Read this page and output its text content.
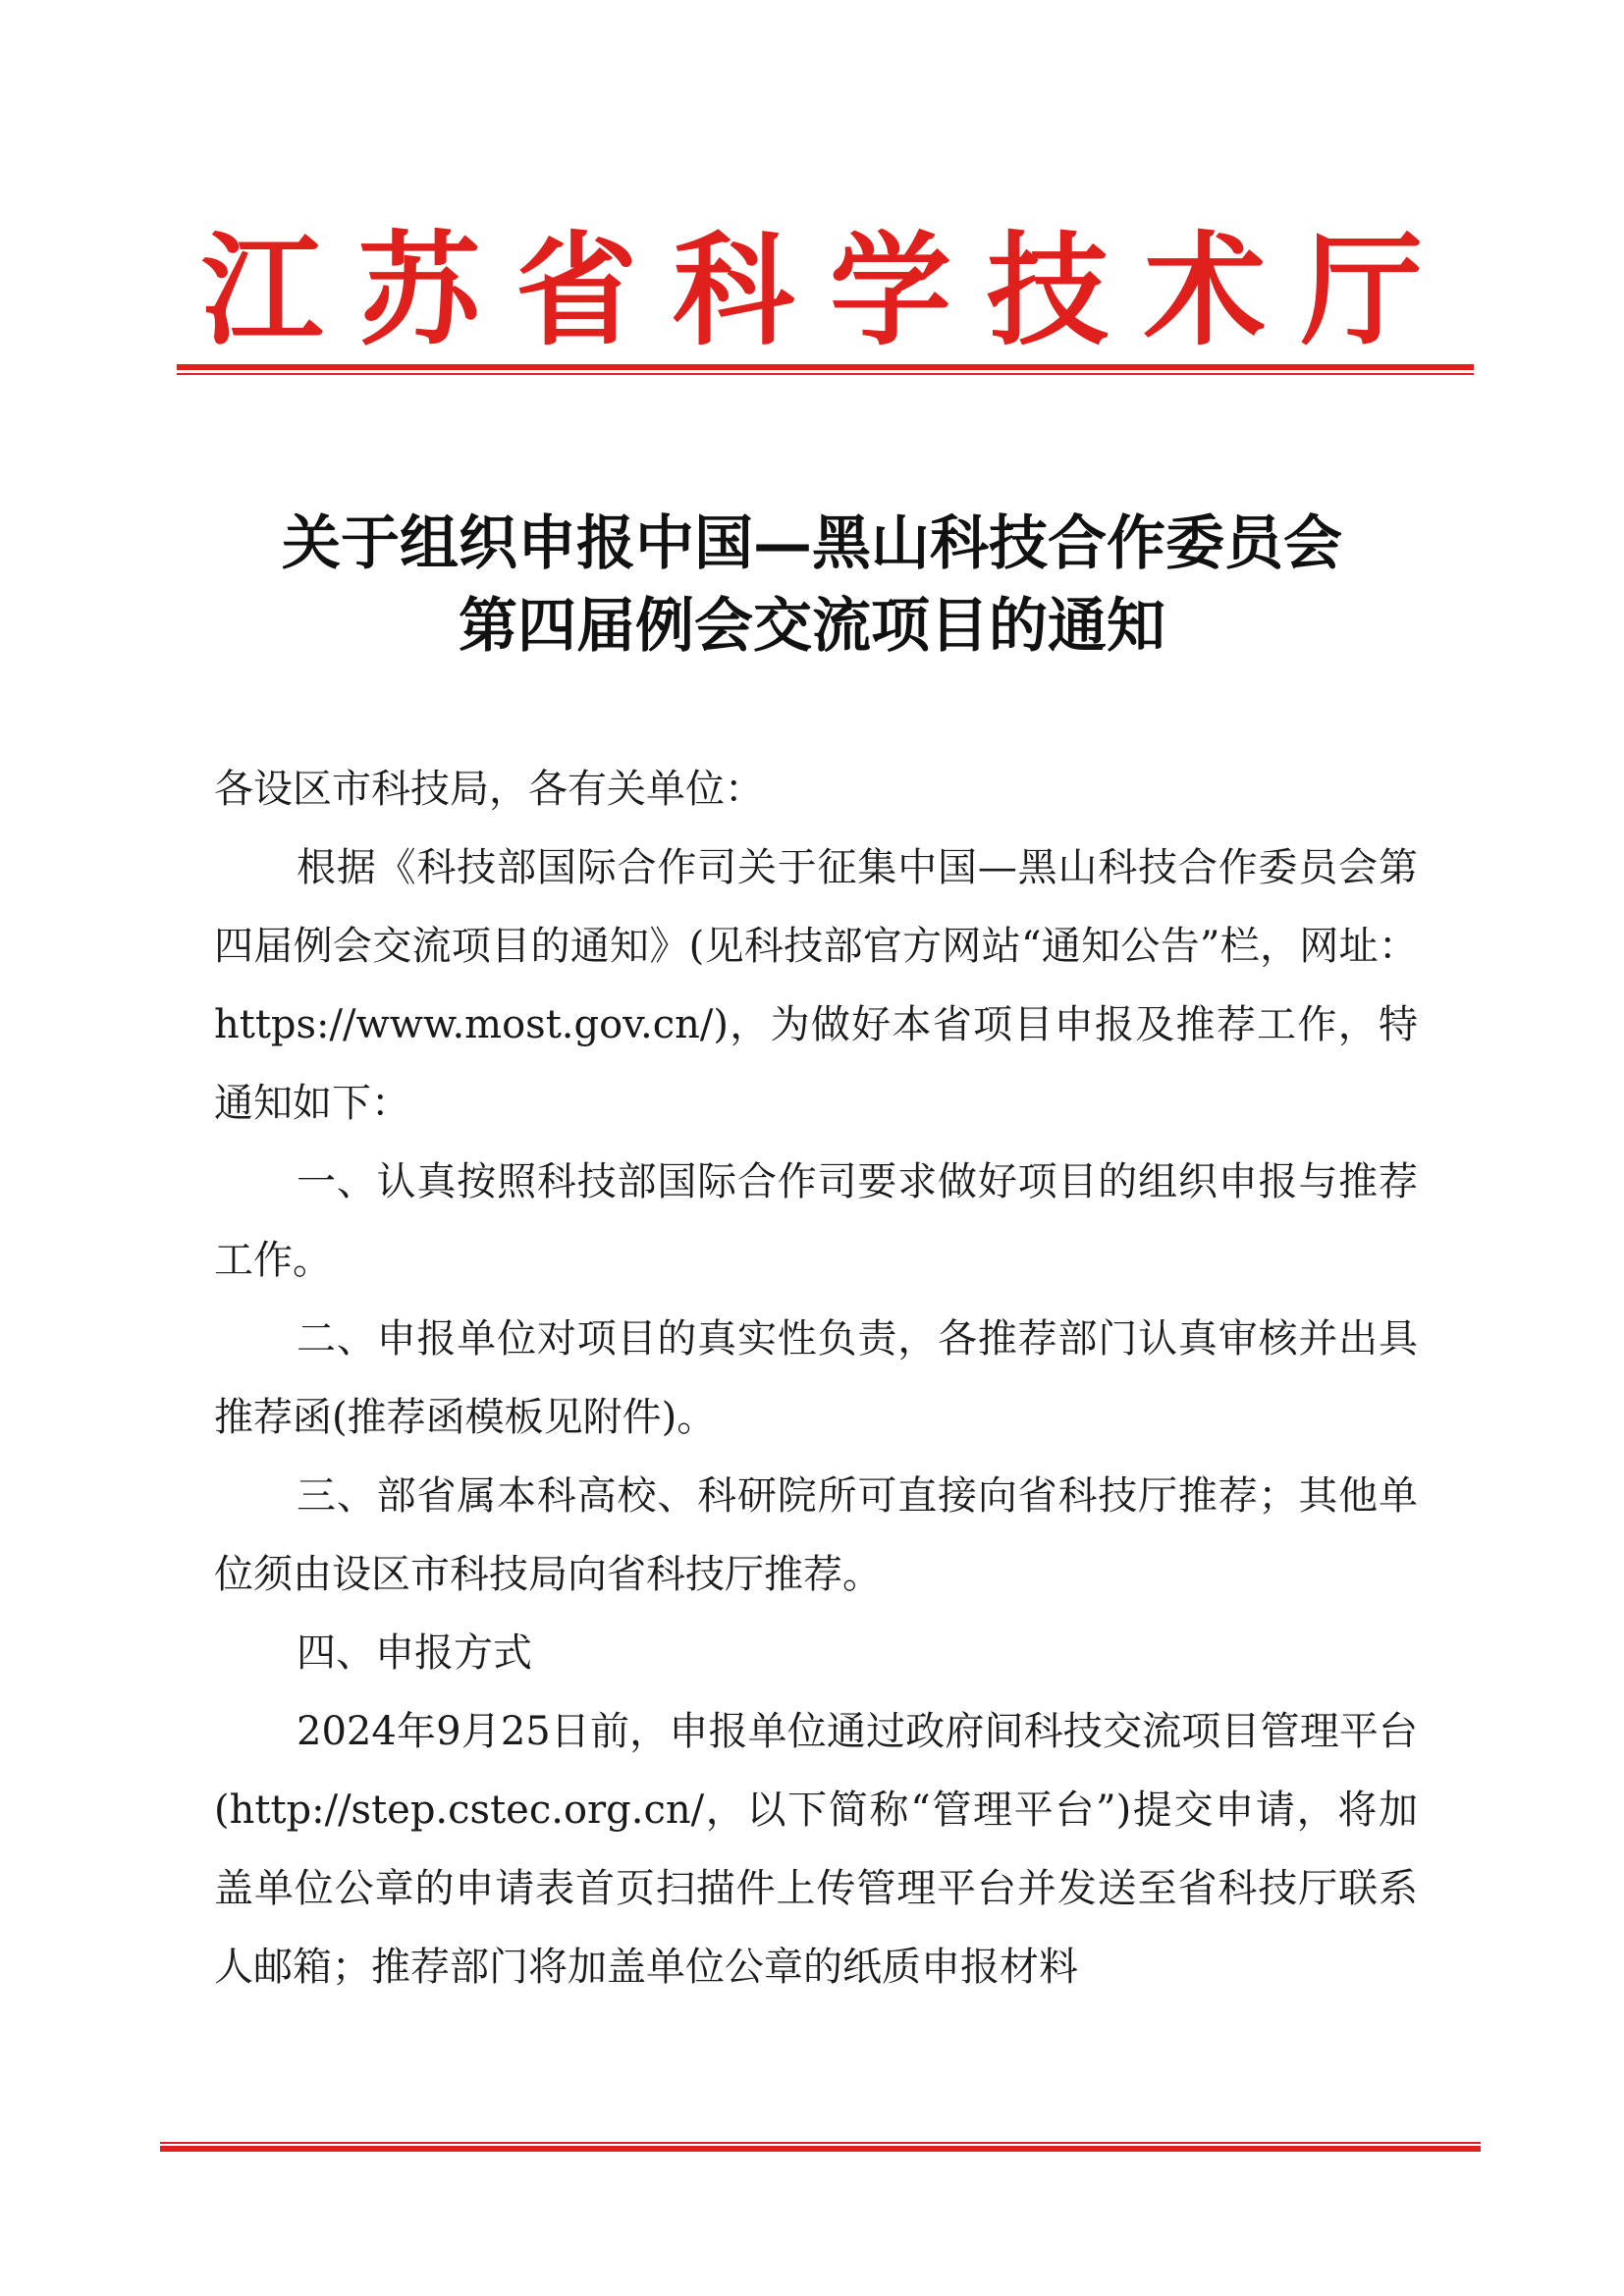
江苏省科学技术厅
关于组织申报中国—黑山科技合作委员会
第四届例会交流项目的通知

各设区市科技局，各有关单位：

根据《科技部国际合作司关于征集中国—黑山科技合作委员会第四届例会交流项目的通知》(见科技部官方网站“通知公告”栏，网址：https://www.most.gov.cn/)，为做好本省项目申报及推荐工作，特通知如下：

一、认真按照科技部国际合作司要求做好项目的组织申报与推荐工作。

二、申报单位对项目的真实性负责，各推荐部门认真审核并出具推荐函(推荐函模板见附件)。

三、部省属本科高校、科研院所可直接向省科技厅推荐；其他单位须由设区市科技局向省科技厅推荐。

四、申报方式

2024年9月25日前，申报单位通过政府间科技交流项目管理平台(http://step.cstec.org.cn/，以下简称“管理平台”)提交申请，将加盖单位公章的申请表首页扫描件上传管理平台并发送至省科技厅联系人邮箱；推荐部门将加盖单位公章的纸质申报材料
